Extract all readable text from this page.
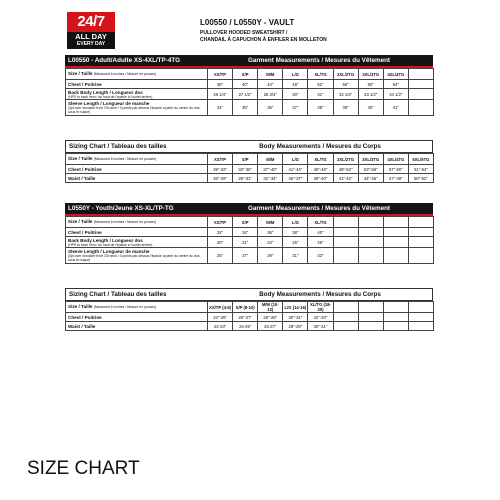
24/7
ALL DAY
EVERY DAY
L00550 / L0550Y - VAULT
PULLOVER HOODED SWEATSHIRT /
CHANDAIL À CAPUCHON À ENFILER EN MOLLETON
L00550 - Adult/Adulte XS-4XL/TP-4TG	Garment Measurements / Mesures du Vêtement
Size / Taille (Measured in inches / Mesuré en pouces)	XS/TP	S/P	M/M	L/G	XL/TG	2XL/2TG	3XL/3TG	4XL/4TG	
Chest / Poitrine	36"	40"	44"	48"	52"	56"	60"	64"	
Back Body Length / Longueur dos
(HPS to back hem / du haut de l'épaule à l'ourlet arrière)	26 1/4"	27 1/2"	28 3/4"	30"	31"	32 1/4"	33 1/2"	34 1/2"	
Sleeve Length / Longueur de manche
(3pt over shoulder from CB neck / 3 points par-dessus l'épaule à partir du centre du dos, sous le nuque)	34"	35"	36"	37"	38"	39"	40"	41"	
Sizing Chart / Tableau des tailles	Body Measurements / Mesures du Corps
Size / Taille (Measured in inches / Mesuré en pouces)	XS/TP	S/P	M/M	L/G	XL/TG	2XL/2TG	3XL/3TG	4XL/4TG	5XL/5TG
Chest / Poitrine	29"-32"	33"-36"	37"-40"	41"-44"	45"-48"	49"-52"	53"-56"	57"-60"	61"-64"
Waist / Taille	26"-28"	29"-31"	32"-34"	35"-37"	38"-40"	41"-43"	44"-46"	47"-49"	50"-52"
L0550Y - Youth/Jeune XS-XL/TP-TG	Garment Measurements / Mesures du Vêtement
Size / Taille (Measured in inches / Mesuré en pouces)	XS/TP	S/P	M/M	L/G	XL/TG				
Chest / Poitrine	32"	34"	36"	38"	40"				
Back Body Length / Longueur dos
(HPS to back hem / du haut de l'épaule à l'ourlet arrière)	20"	21"	23"	25"	26"				
Sleeve Length / Longueur de manche
(3pt over shoulder from CB neck / 3 points par-dessus l'épaule à partir du centre du dos, sous le nuque)	25"	27"	29"	31"	33"				
Sizing Chart / Tableau des tailles	Body Measurements / Mesures du Corps
Size / Taille (Measured in inches / Mesuré en pouces)	XS/TP (4-6)	S/P (8-10)	M/M (10-12)	L/G (14-16)	XL/TG (18-20)				
Chest / Poitrine	24"-25"	26"-27"	28"-29"	30"-31"	32"-33"				
Waist / Taille	22-23"	24-25"	26-27"	28"-29"	30"-31"				
SIZE CHART
